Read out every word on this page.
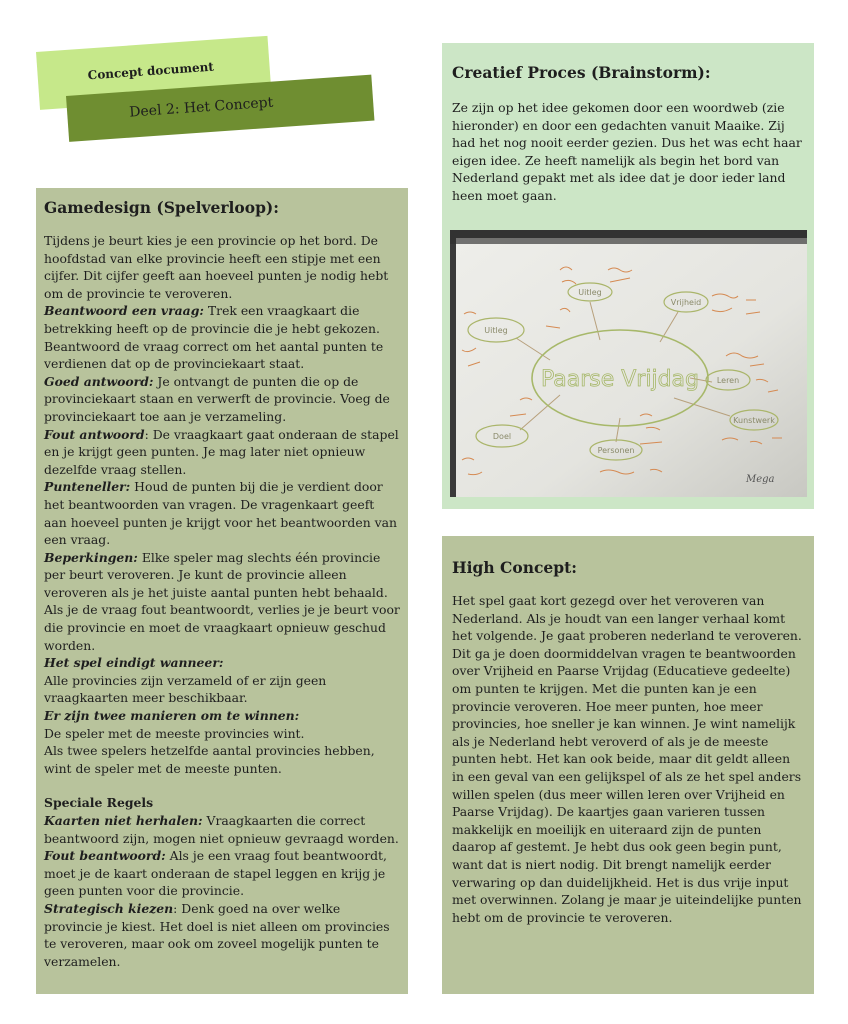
Concept document
Deel 2: Het Concept
Gamedesign (Spelverloop):
Tijdens je beurt kies je een provincie op het bord. De hoofdstad van elke provincie heeft een stipje met een cijfer. Dit cijfer geeft aan hoeveel punten je nodig hebt om de provincie te veroveren.
Beantwoord een vraag: Trek een vraagkaart die betrekking heeft op de provincie die je hebt gekozen. Beantwoord de vraag correct om het aantal punten te verdienen dat op de provinciekaart staat.
Goed antwoord: Je ontvangt de punten die op de provinciekaart staan en verwerft de provincie. Voeg de provinciekaart toe aan je verzameling.
Fout antwoord: De vraagkaart gaat onderaan de stapel en je krijgt geen punten. Je mag later niet opnieuw dezelfde vraag stellen.
Punteneller: Houd de punten bij die je verdient door het beantwoorden van vragen. De vragenkaart geeft aan hoeveel punten je krijgt voor het beantwoorden van een vraag.
Beperkingen: Elke speler mag slechts één provincie per beurt veroveren. Je kunt de provincie alleen veroveren als je het juiste aantal punten hebt behaald. Als je de vraag fout beantwoordt, verlies je je beurt voor die provincie en moet de vraagkaart opnieuw geschud worden.
Het spel eindigt wanneer:
Alle provincies zijn verzameld of er zijn geen vraagkaarten meer beschikbaar.
Er zijn twee manieren om te winnen:
De speler met de meeste provincies wint.
Als twee spelers hetzelfde aantal provincies hebben, wint de speler met de meeste punten.
Speciale Regels
Kaarten niet herhalen: Vraagkaarten die correct beantwoord zijn, mogen niet opnieuw gevraagd worden.
Fout beantwoord: Als je een vraag fout beantwoordt, moet je de kaart onderaan de stapel leggen en krijg je geen punten voor die provincie.
Strategisch kiezen: Denk goed na over welke provincie je kiest. Het doel is niet alleen om provincies te veroveren, maar ook om zoveel mogelijk punten te verzamelen.
Creatief Proces (Brainstorm):

Ze zijn op het idee gekomen door een woordweb (zie hieronder) en door een gedachten vanuit Maaike. Zij had het nog nooit eerder gezien. Dus het was echt haar eigen idee. Ze heeft namelijk als begin het bord van Nederland gepakt met als idee dat je door ieder land heen moet gaan.

Paarse Vrijdag
Uitleg
Vrijheid
Uitleg
Doel
Personen
Leren
Kunstwerk
Mega
High Concept:

Het spel gaat kort gezegd over het veroveren van Nederland. Als je houdt van een langer verhaal komt het volgende. Je gaat proberen nederland te veroveren. Dit ga je doen doormiddelvan vragen te beantwoorden over Vrijheid en Paarse Vrijdag (Educatieve gedeelte) om punten te krijgen. Met die punten kan je een provincie veroveren. Hoe meer punten, hoe meer provincies, hoe sneller je kan winnen. Je wint namelijk als je Nederland hebt veroverd of als je de meeste punten hebt. Het kan ook beide, maar dit geldt alleen in een geval van een gelijkspel of als ze het spel anders willen spelen (dus meer willen leren over Vrijheid en Paarse Vrijdag). De kaartjes gaan varieren tussen makkelijk en moeilijk en uiteraard zijn de punten daarop af gestemt. Je hebt dus ook geen begin punt, want dat is niert nodig. Dit brengt namelijk eerder verwaring op dan duidelijkheid. Het is dus vrije input met overwinnen. Zolang je maar je uiteindelijke punten hebt om de provincie te veroveren.
